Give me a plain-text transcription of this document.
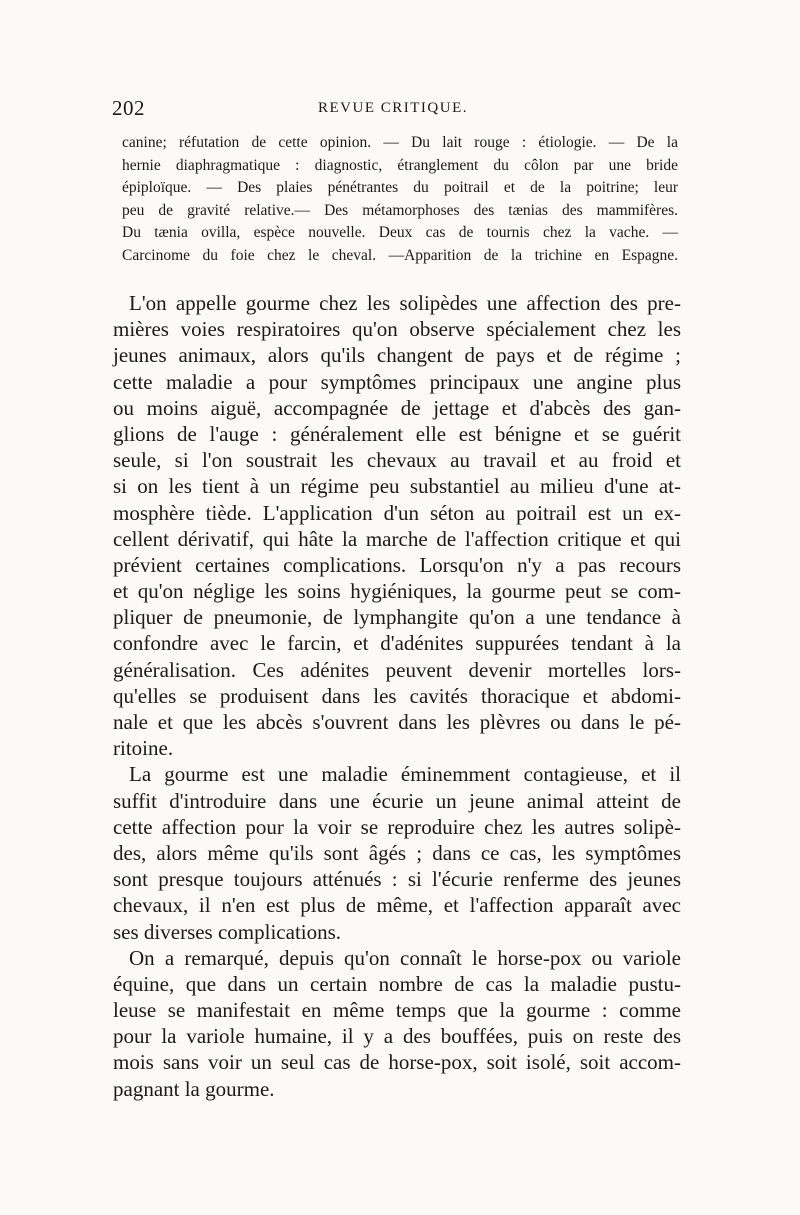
202	REVUE CRITIQUE.
canine; réfutation de cette opinion. — Du lait rouge : étiologie. — De la
hernie diaphragmatique : diagnostic, étranglement du côlon par une bride
épiploïque. — Des plaies pénétrantes du poitrail et de la poitrine; leur
peu de gravité relative.— Des métamorphoses des tænias des mammifères.
Du tænia ovilla, espèce nouvelle. Deux cas de tournis chez la vache. —
Carcinome du foie chez le cheval. —Apparition de la trichine en Espagne.
L'on appelle gourme chez les solipèdes une affection des pre-
mières voies respiratoires qu'on observe spécialement chez les
jeunes animaux, alors qu'ils changent de pays et de régime ;
cette maladie a pour symptômes principaux une angine plus
ou moins aiguë, accompagnée de jettage et d'abcès des gan-
glions de l'auge : généralement elle est bénigne et se guérit
seule, si l'on soustrait les chevaux au travail et au froid et
si on les tient à un régime peu substantiel au milieu d'une at-
mosphère tiède. L'application d'un séton au poitrail est un ex-
cellent dérivatif, qui hâte la marche de l'affection critique et qui
prévient certaines complications. Lorsqu'on n'y a pas recours
et qu'on néglige les soins hygiéniques, la gourme peut se com-
pliquer de pneumonie, de lymphangite qu'on a une tendance à
confondre avec le farcin, et d'adénites suppurées tendant à la
généralisation. Ces adénites peuvent devenir mortelles lors-
qu'elles se produisent dans les cavités thoracique et abdomi-
nale et que les abcès s'ouvrent dans les plèvres ou dans le pé-
ritoine.
La gourme est une maladie éminemment contagieuse, et il
suffit d'introduire dans une écurie un jeune animal atteint de
cette affection pour la voir se reproduire chez les autres solipè-
des, alors même qu'ils sont âgés ; dans ce cas, les symptômes
sont presque toujours atténués : si l'écurie renferme des jeunes
chevaux, il n'en est plus de même, et l'affection apparaît avec
ses diverses complications.
On a remarqué, depuis qu'on connaît le horse-pox ou variole
équine, que dans un certain nombre de cas la maladie pustu-
leuse se manifestait en même temps que la gourme : comme
pour la variole humaine, il y a des bouffées, puis on reste des
mois sans voir un seul cas de horse-pox, soit isolé, soit accom-
pagnant la gourme.
